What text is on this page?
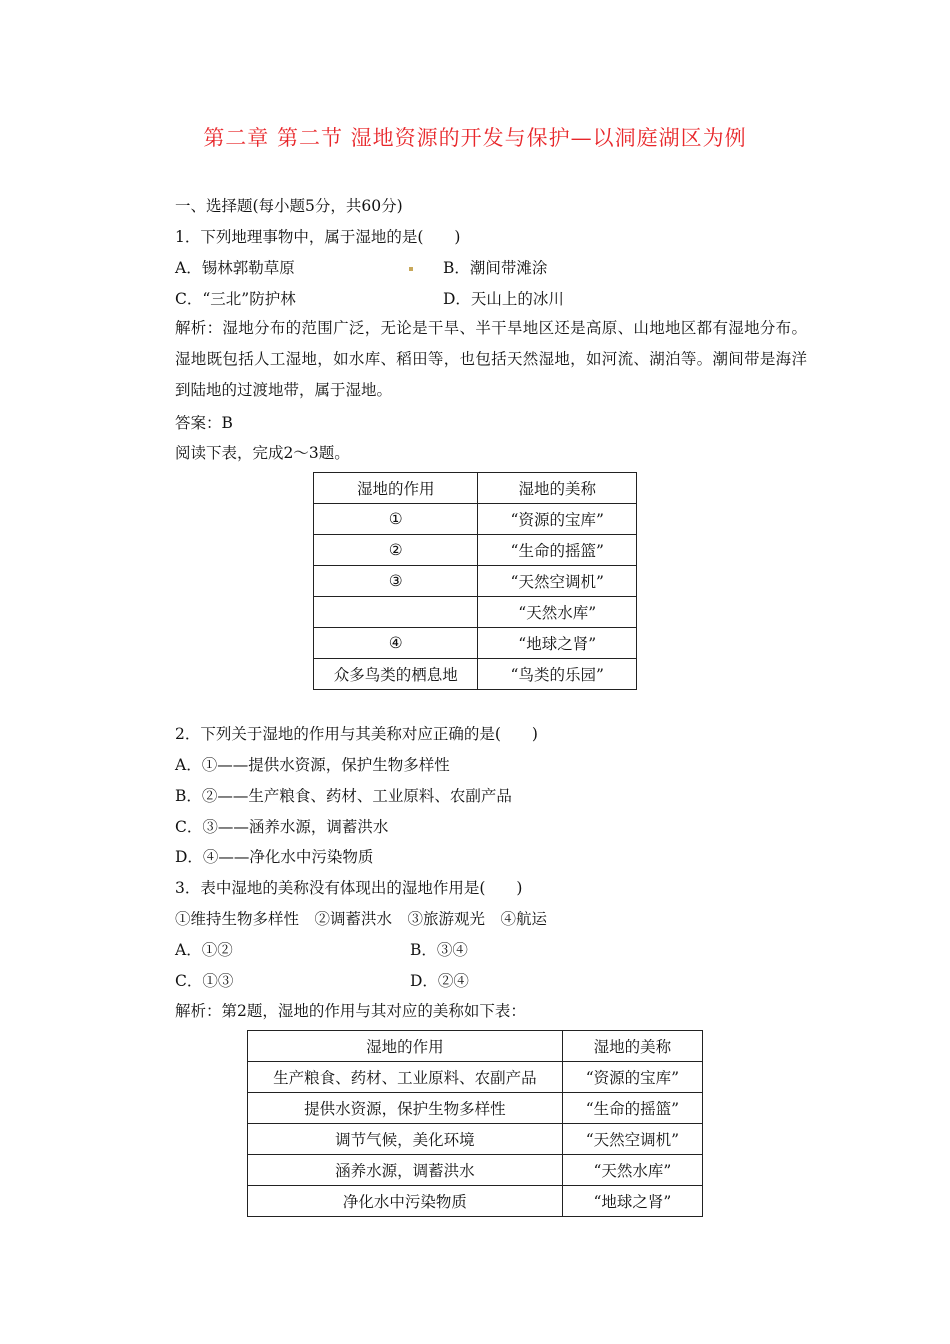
第二章 第二节 湿地资源的开发与保护—以洞庭湖区为例
一、选择题(每小题5分，共60分)
1．下列地理事物中，属于湿地的是(　　)
A．锡林郭勒草原	B．潮间带滩涂
C．“三北”防护林	D．天山上的冰川
解析：湿地分布的范围广泛，无论是干旱、半干旱地区还是高原、山地地区都有湿地分布。湿地既包括人工湿地，如水库、稻田等，也包括天然湿地，如河流、湖泊等。潮间带是海洋到陆地的过渡地带，属于湿地。
答案：B
阅读下表，完成2～3题。
湿地的作用	湿地的美称
①	“资源的宝库”
②	“生命的摇篮”
③	“天然空调机”
	“天然水库”
④	“地球之肾”
众多鸟类的栖息地	“鸟类的乐园”
2．下列关于湿地的作用与其美称对应正确的是(　　)
A．①——提供水资源，保护生物多样性
B．②——生产粮食、药材、工业原料、农副产品
C．③——涵养水源，调蓄洪水
D．④——净化水中污染物质
3．表中湿地的美称没有体现出的湿地作用是(　　)
①维持生物多样性　②调蓄洪水　③旅游观光　④航运
A．①②	B．③④
C．①③	D．②④
解析：第2题，湿地的作用与其对应的美称如下表：
湿地的作用	湿地的美称
生产粮食、药材、工业原料、农副产品	“资源的宝库”
提供水资源，保护生物多样性	“生命的摇篮”
调节气候，美化环境	“天然空调机”
涵养水源，调蓄洪水	“天然水库”
净化水中污染物质	“地球之肾”
